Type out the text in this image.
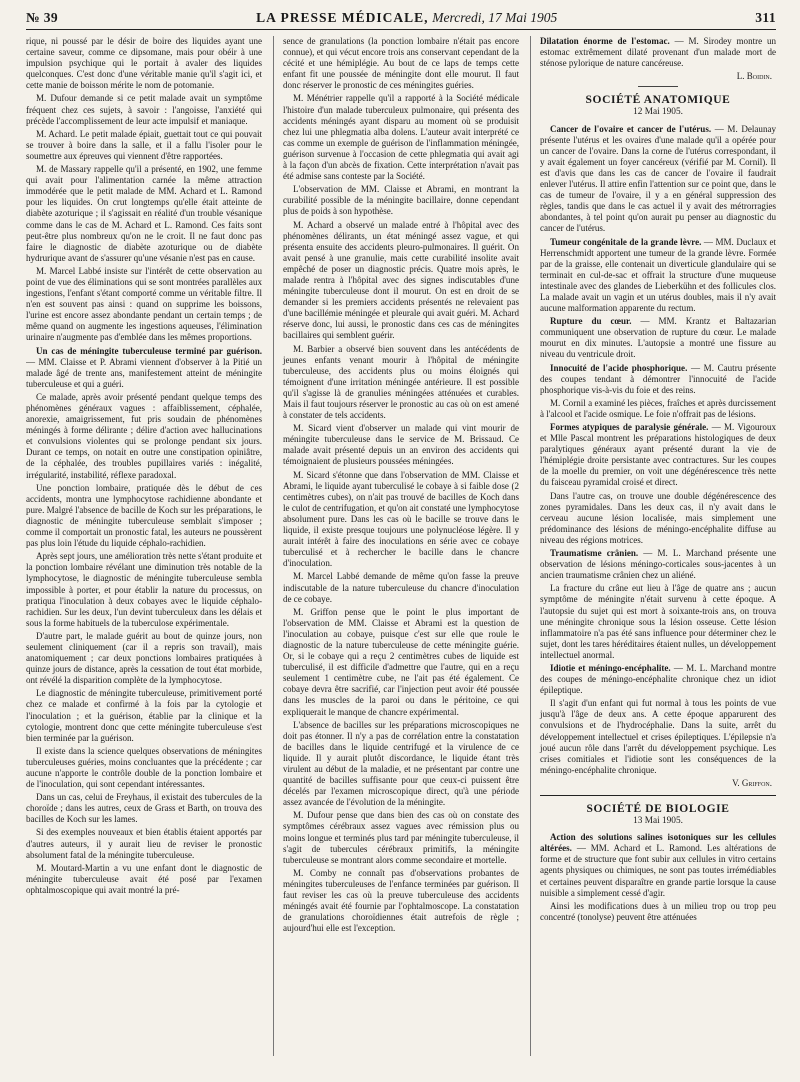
№ 39	LA PRESSE MÉDICALE, Mercredi, 17 Mai 1905	311

rique, ni poussé par le désir de boire des liquides ayant une certaine saveur, comme ce dipsomane, mais pour obéir à une impulsion psychique qui le portait à avaler des liquides quelconques. C'est donc d'une véritable manie qu'il s'agit ici, et cette manie de boisson mérite le nom de potomanie.

M. Dufour demande si ce petit malade avait un symptôme fréquent chez ces sujets, à savoir : l'angoisse, l'anxiété qui précède l'accomplissement de leur acte impulsif et maniaque.

M. Achard. Le petit malade épiait, guettait tout ce qui pouvait se trouver à boire dans la salle, et il a fallu l'isoler pour le soumettre aux épreuves qui viennent d'être rapportées.

M. de Massary rappelle qu'il a présenté, en 1902, une femme qui avait pour l'alimentation carnée la même attraction immodérée que le petit malade de MM. Achard et L. Ramond pour les liquides. On crut longtemps qu'elle était atteinte de diabète azoturique ; il s'agissait en réalité d'un trouble vésanique comme dans le cas de M. Achard et L. Ramond. Ces faits sont peut-être plus nombreux qu'on ne le croit. Il ne faut donc pas faire le diagnostic de diabète azoturique ou de diabète hydrurique avant de s'assurer qu'une vésanie n'est pas en cause.

M. Marcel Labbé insiste sur l'intérêt de cette observation au point de vue des éliminations qui se sont montrées parallèles aux ingestions, l'enfant s'étant comporté comme un véritable filtre. Il n'en est souvent pas ainsi : quand on supprime les boissons, l'urine est encore assez abondante pendant un certain temps ; de même quand on augmente les ingestions aqueuses, l'élimination urinaire n'augmente pas d'emblée dans les mêmes proportions.

Un cas de méningite tuberculeuse terminé par guérison. — MM. Claisse et P. Abrami viennent d'observer à la Pitié un malade âgé de trente ans, manifestement atteint de méningite tuberculeuse et qui a guéri.

Ce malade, après avoir présenté pendant quelque temps des phénomènes généraux vagues : affaiblissement, céphalée, anorexie, amaigrissement, fut pris soudain de phénomènes méningés à forme délirante ; délire d'action avec hallucinations et convulsions violentes qui se prolonge pendant six jours. Durant ce temps, on notait en outre une constipation opiniâtre, de la céphalée, des troubles pupillaires variés : inégalité, irrégularité, instabilité, réflexe paradoxal.

Une ponction lombaire, pratiquée dès le début de ces accidents, montra une lymphocytose rachidienne abondante et pure. Malgré l'absence de bacille de Koch sur les préparations, le diagnostic de méningite tuberculeuse semblait s'imposer ; comme il comportait un pronostic fatal, les auteurs ne poussèrent pas plus loin l'étude du liquide céphalo-rachidien.

Après sept jours, une amélioration très nette s'étant produite et la ponction lombaire révélant une diminution très notable de la lymphocytose, le diagnostic de méningite tuberculeuse sembla impossible à porter, et pour établir la nature du processus, on pratiqua l'inoculation à deux cobayes avec le liquide céphalo-rachidien. Sur les deux, l'un devint tuberculeux dans les délais et sous la forme habituels de la tuberculose expérimentale.

D'autre part, le malade guérit au bout de quinze jours, non seulement cliniquement (car il a repris son travail), mais anatomiquement ; car deux ponctions lombaires pratiquées à quinze jours de distance, après la cessation de tout état morbide, ont révélé la disparition complète de la lymphocytose.

Le diagnostic de méningite tuberculeuse, primitivement porté chez ce malade et confirmé à la fois par la cytologie et l'inoculation ; et la guérison, établie par la clinique et la cytologie, montrent donc que cette méningite tuberculeuse s'est bien terminée par la guérison.

Il existe dans la science quelques observations de méningites tuberculeuses guéries, moins concluantes que la précédente ; car aucune n'apporte le contrôle double de la ponction lombaire et de l'inoculation, qui sont cependant intéressantes.

Dans un cas, celui de Freyhaus, il existait des tubercules de la choroïde ; dans les autres, ceux de Grass et Barth, on trouva des bacilles de Koch sur les lames.

Si des exemples nouveaux et bien établis étaient apportés par d'autres auteurs, il y aurait lieu de reviser le pronostic absolument fatal de la méningite tuberculeuse.

M. Moutard-Martin a vu une enfant dont le diagnostic de méningite tuberculeuse avait été posé par l'examen ophtalmoscopique qui avait montré la pré-

sence de granulations (la ponction lombaire n'était pas encore connue), et qui vécut encore trois ans conservant cependant de la cécité et une hémiplégie. Au bout de ce laps de temps cette enfant fit une poussée de méningite dont elle mourut. Il faut donc réserver le pronostic de ces méningites guéries.

M. Ménétrier rappelle qu'il a rapporté à la Société médicale l'histoire d'un malade tuberculeux pulmonaire, qui présenta des accidents méningés ayant disparu au moment où se produisit chez lui une phlegmatia alba dolens. L'auteur avait interprété ce cas comme un exemple de guérison de l'inflammation méningée, guérison survenue à l'occasion de cette phlegmatia qui avait agi à la façon d'un abcès de fixation. Cette interprétation n'avait pas été admise sans conteste par la Société.

L'observation de MM. Claisse et Abrami, en montrant la curabilité possible de la méningite bacillaire, donne cependant plus de poids à son hypothèse.

M. Achard a observé un malade entré à l'hôpital avec des phénomènes délirants, un état méningé assez vague, et qui présenta ensuite des accidents pleuro-pulmonaires. Il guérit. On avait pensé à une granulie, mais cette curabilité insolite avait empêché de poser un diagnostic précis. Quatre mois après, le malade rentra à l'hôpital avec des signes indiscutables d'une méningite tuberculeuse dont il mourut. On est en droit de se demander si les premiers accidents présentés ne relevaient pas d'une bacillémie méningée et pleurale qui avait guéri. M. Achard réserve donc, lui aussi, le pronostic dans ces cas de méningites bacillaires qui semblent guérir.

M. Barbier a observé bien souvent dans les antécédents de jeunes enfants venant mourir à l'hôpital de méningite tuberculeuse, des accidents plus ou moins éloignés qui témoignent d'une irritation méningée antérieure. Il est possible qu'il s'agisse là de granulies méningées atténuées et curables. Mais il faut toujours réserver le pronostic au cas où on est amené à constater de tels accidents.

M. Sicard vient d'observer un malade qui vint mourir de méningite tuberculeuse dans le service de M. Brissaud. Ce malade avait présenté depuis un an environ des accidents qui témoignaient de plusieurs poussées méningées.

M. Sicard s'étonne que dans l'observation de MM. Claisse et Abrami, le liquide ayant tuberculisé le cobaye à si faible dose (2 centimètres cubes), on n'ait pas trouvé de bacilles de Koch dans le culot de centrifugation, et qu'on ait constaté une lymphocytose absolument pure. Dans les cas où le bacille se trouve dans le liquide, il existe presque toujours une polynucléose légère. Il y aurait intérêt à faire des inoculations en série avec ce cobaye tuberculisé et à rechercher le bacille dans le chancre d'inoculation.

M. Marcel Labbé demande de même qu'on fasse la preuve indiscutable de la nature tuberculeuse du chancre d'inoculation de ce cobaye.

M. Griffon pense que le point le plus important de l'observation de MM. Claisse et Abrami est la question de l'inoculation au cobaye, puisque c'est sur elle que roule le diagnostic de la nature tuberculeuse de cette méningite guérie. Or, si le cobaye qui a reçu 2 centimètres cubes de liquide est tuberculisé, il est difficile d'admettre que l'autre, qui en a reçu seulement 1 centimètre cube, ne l'ait pas été également. Ce cobaye devra être sacrifié, car l'injection peut avoir été poussée dans les muscles de la paroi ou dans le péritoine, ce qui expliquerait le manque de chancre expérimental.

L'absence de bacilles sur les préparations microscopiques ne doit pas étonner. Il n'y a pas de corrélation entre la constatation de bacilles dans le liquide centrifugé et la virulence de ce liquide. Il y aurait plutôt discordance, le liquide étant très virulent au début de la maladie, et ne présentant par contre une quantité de bacilles suffisante pour que ceux-ci puissent être décelés par l'examen microscopique direct, qu'à une période assez avancée de l'évolution de la méningite.

M. Dufour pense que dans bien des cas où on constate des symptômes cérébraux assez vagues avec rémission plus ou moins longue et terminés plus tard par méningite tuberculeuse, il s'agit de tubercules cérébraux primitifs, la méningite tuberculeuse se montrant alors comme secondaire et mortelle.

M. Comby ne connaît pas d'observations probantes de méningites tuberculeuses de l'enfance terminées par guérison. Il faut reviser les cas où la preuve tuberculeuse des accidents méningés avait été fournie par l'ophtalmoscope. La constatation de granulations choroïdiennes était autrefois de règle ; aujourd'hui elle est l'exception.

Dilatation énorme de l'estomac. — M. Sirodey montre un estomac extrêmement dilaté provenant d'un malade mort de sténose pylorique de nature cancéreuse.

L. Boidin.
SOCIÉTÉ ANATOMIQUE
12 Mai 1905.

Cancer de l'ovaire et cancer de l'utérus. — M. Delaunay présente l'utérus et les ovaires d'une malade qu'il a opérée pour un cancer de l'ovaire. Dans la corne de l'utérus correspondant, il y avait également un foyer cancéreux (vérifié par M. Cornil). Il est d'avis que dans les cas de cancer de l'ovaire il faudrait enlever l'utérus. Il attire enfin l'attention sur ce point que, dans le cas de tumeur de l'ovaire, il y a en général suppression des règles, tandis que dans le cas actuel il y avait des métrorragies abondantes, à tel point qu'on aurait pu penser au diagnostic du cancer de l'utérus.

Tumeur congénitale de la grande lèvre. — MM. Duclaux et Herrenschmidt apportent une tumeur de la grande lèvre. Formée par de la graisse, elle contenait un diverticule glandulaire qui se terminait en cul-de-sac et offrait la structure d'une muqueuse intestinale avec des glandes de Lieberkühn et des follicules clos. La malade avait un vagin et un utérus doubles, mais il n'y avait aucune malformation apparente du rectum.

Rupture du cœur. — MM. Krantz et Baltazarian communiquent une observation de rupture du cœur. Le malade mourut en dix minutes. L'autopsie a montré une fissure au niveau du ventricule droit.

Innocuité de l'acide phosphorique. — M. Cautru présente des coupes tendant à démontrer l'innocuité de l'acide phosphorique vis-à-vis du foie et des reins.

M. Cornil a examiné les pièces, fraîches et après durcissement à l'alcool et l'acide osmique. Le foie n'offrait pas de lésions.

Formes atypiques de paralysie générale. — M. Vigouroux et Mlle Pascal montrent les préparations histologiques de deux paralytiques généraux ayant présenté durant la vie de l'hémiplégie droite persistante avec contractures. Sur les coupes de la moelle du premier, on voit une dégénérescence très nette du faisceau pyramidal croisé et direct.

Dans l'autre cas, on trouve une double dégénérescence des zones pyramidales. Dans les deux cas, il n'y avait dans le cerveau aucune lésion localisée, mais simplement une prédominance des lésions de méningo-encéphalite diffuse au niveau des régions motrices.

Traumatisme crânien. — M. L. Marchand présente une observation de lésions méningo-corticales sous-jacentes à un ancien traumatisme crânien chez un aliéné.

La fracture du crâne eut lieu à l'âge de quatre ans ; aucun symptôme de méningite n'était survenu à cette époque. A l'autopsie du sujet qui est mort à soixante-trois ans, on trouva une méningite chronique sous la lésion osseuse. Cette lésion inflammatoire n'a pas été sans influence pour déterminer chez le sujet, dont les tares héréditaires étaient nulles, un développement intellectuel anormal.

Idiotie et méningo-encéphalite. — M. L. Marchand montre des coupes de méningo-encéphalite chronique chez un idiot épileptique.

Il s'agit d'un enfant qui fut normal à tous les points de vue jusqu'à l'âge de deux ans. A cette époque apparurent des convulsions et de l'hydrocéphalie. Dans la suite, arrêt du développement intellectuel et crises épileptiques. L'épilepsie n'a joué aucun rôle dans l'arrêt du développement psychique. Les crises comitiales et l'idiotie sont les conséquences de la méningo-encéphalite chronique.

V. Griffon.
SOCIÉTÉ DE BIOLOGIE
13 Mai 1905.

Action des solutions salines isotoniques sur les cellules altérées. — MM. Achard et L. Ramond. Les altérations de forme et de structure que font subir aux cellules in vitro certains agents physiques ou chimiques, ne sont pas toutes irrémédiables et certaines peuvent disparaître en grande partie lorsque la cause nuisible a simplement cessé d'agir.

Ainsi les modifications dues à un milieu trop ou trop peu concentré (tonolyse) peuvent être atténuées
